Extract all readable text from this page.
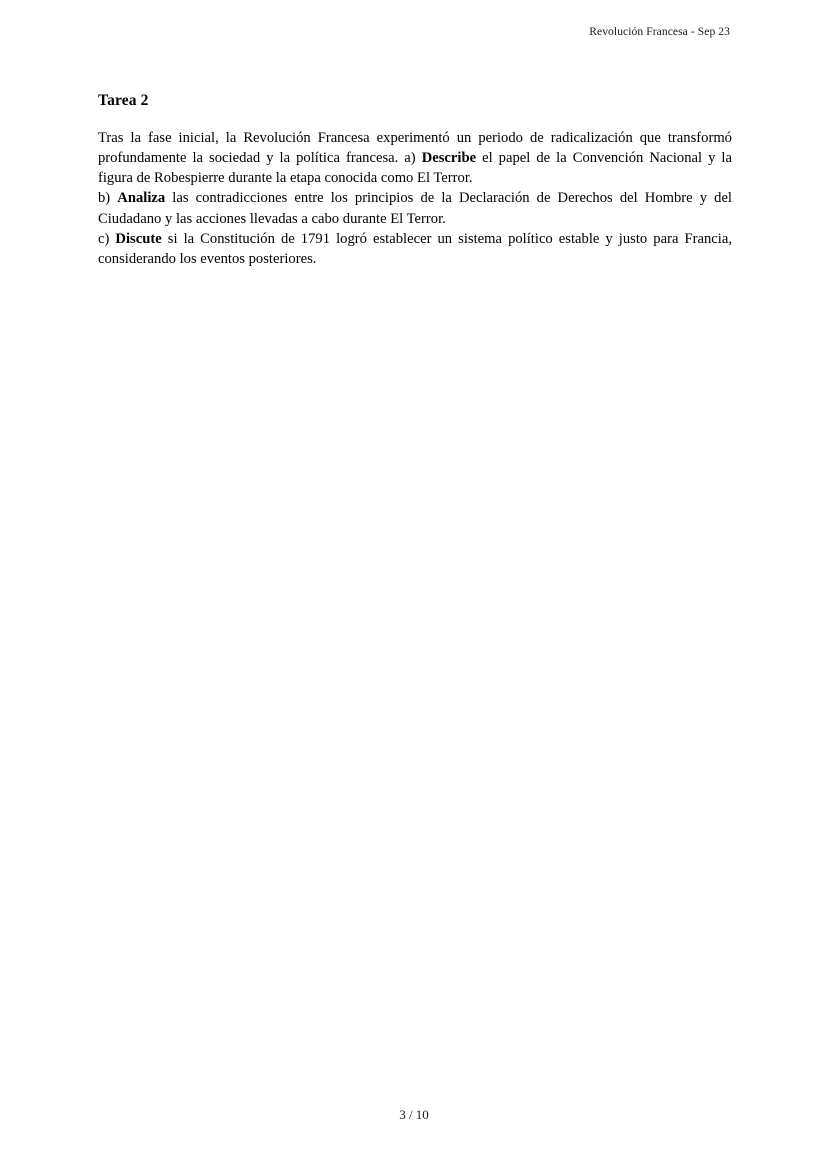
Revolución Francesa - Sep 23
Tarea 2

Tras la fase inicial, la Revolución Francesa experimentó un periodo de radicalización que transformó profundamente la sociedad y la política francesa. a) Describe el papel de la Convención Nacional y la figura de Robespierre durante la etapa conocida como El Terror.

b) Analiza las contradicciones entre los principios de la Declaración de Derechos del Hombre y del Ciudadano y las acciones llevadas a cabo durante El Terror.

c) Discute si la Constitución de 1791 logró establecer un sistema político estable y justo para Francia, considerando los eventos posteriores.

3 / 10
